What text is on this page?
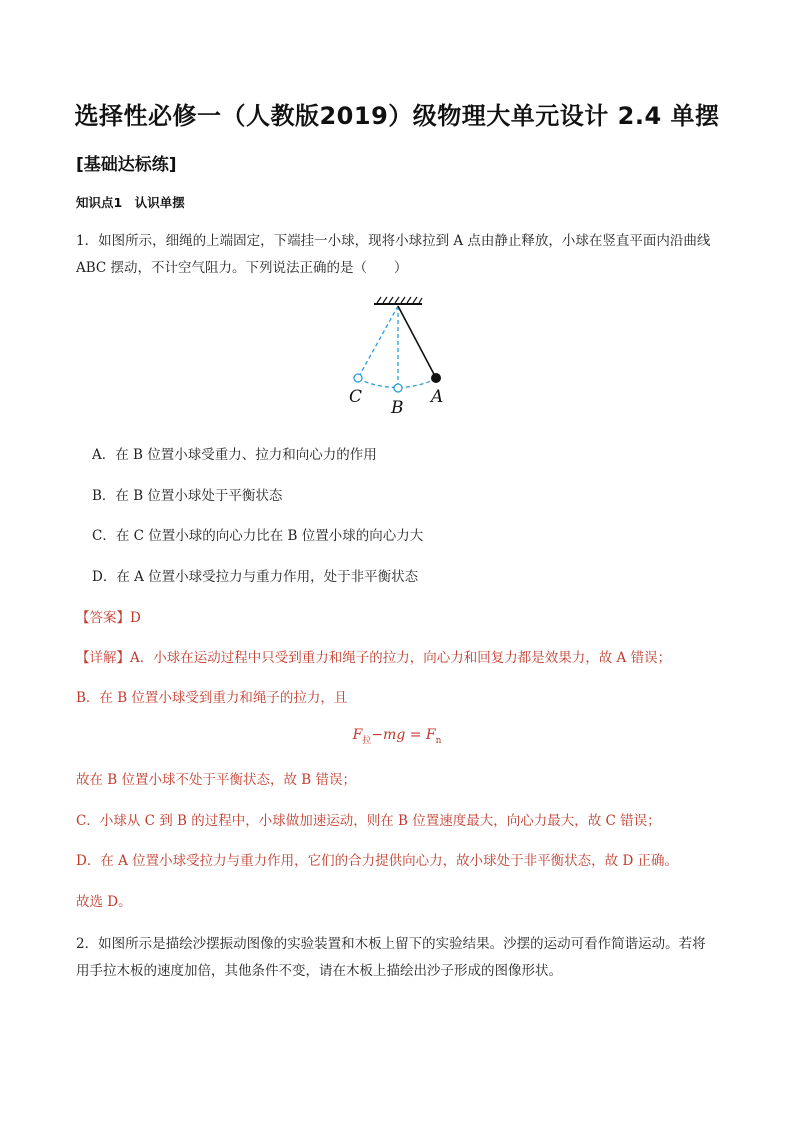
选择性必修一（人教版2019）级物理大单元设计 2.4 单摆
[基础达标练]
知识点1　认识单摆
1．如图所示，细绳的上端固定，下端挂一小球，现将小球拉到 A 点由静止释放，小球在竖直平面内沿曲线
ABC 摆动，不计空气阻力。下列说法正确的是（　　）
C
B
A
A．在 B 位置小球受重力、拉力和向心力的作用
B．在 B 位置小球处于平衡状态
C．在 C 位置小球的向心力比在 B 位置小球的向心力大
D．在 A 位置小球受拉力与重力作用，处于非平衡状态
【答案】D
【详解】A．小球在运动过程中只受到重力和绳子的拉力，向心力和回复力都是效果力，故 A 错误；
B．在 B 位置小球受到重力和绳子的拉力，且
$F_拉-mg = F_n$
故在 B 位置小球不处于平衡状态，故 B 错误；
C．小球从 C 到 B 的过程中，小球做加速运动，则在 B 位置速度最大，向心力最大，故 C 错误；
D．在 A 位置小球受拉力与重力作用，它们的合力提供向心力，故小球处于非平衡状态，故 D 正确。
故选 D。
2．如图所示是描绘沙摆振动图像的实验装置和木板上留下的实验结果。沙摆的运动可看作简谐运动。若将
用手拉木板的速度加倍，其他条件不变，请在木板上描绘出沙子形成的图像形状。
